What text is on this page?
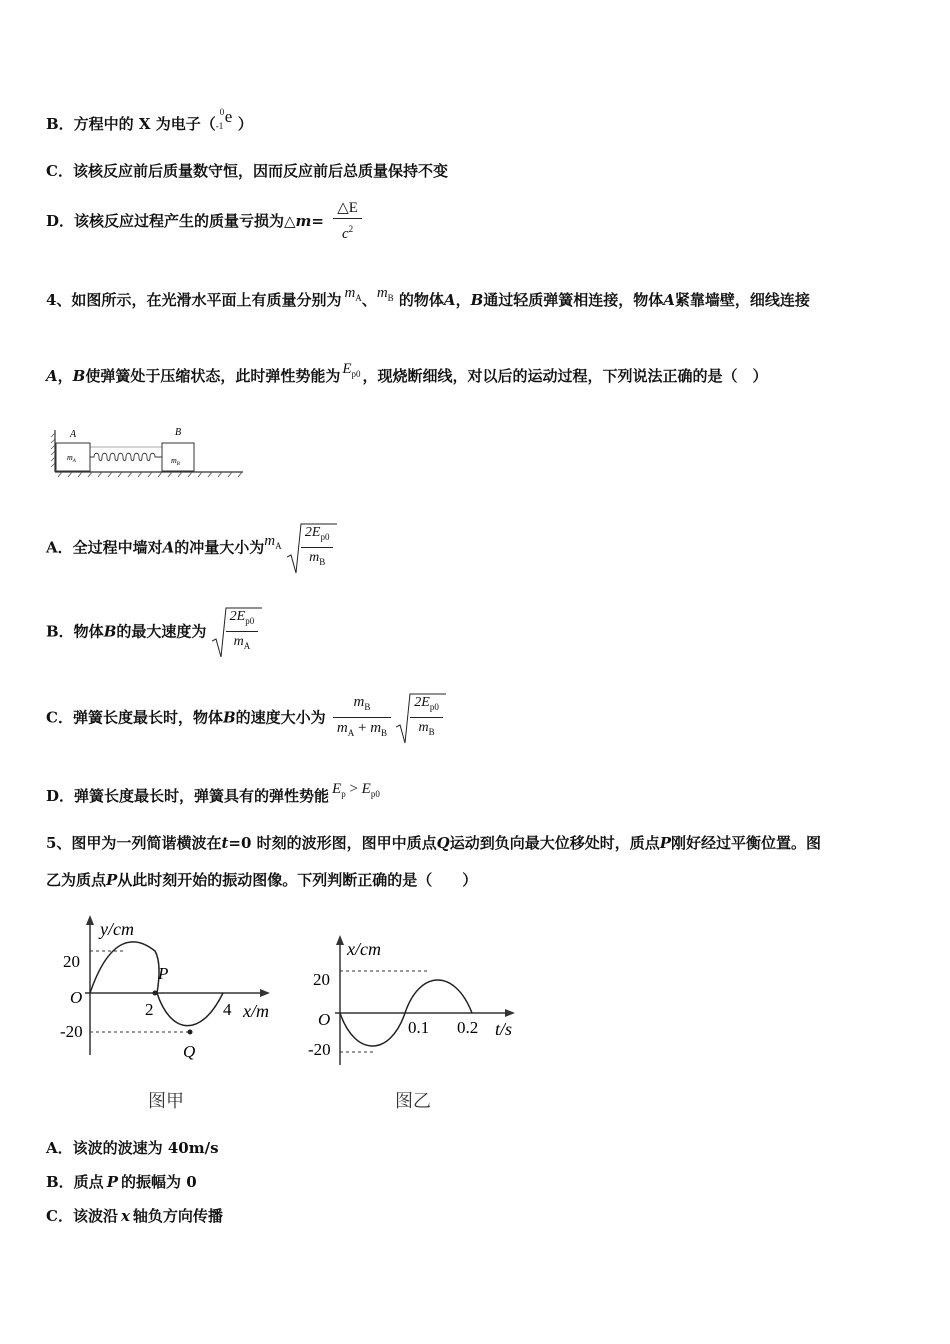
B．方程中的 X 为电子（
0
-1 e ）
C．该核反应前后质量数守恒，因而反应前后总质量保持不变
D．该核反应过程产生的质量亏损为△m= $\frac{\triangle E}{c^2}$
4、如图所示，在光滑水平面上有质量分别为 $m_A$、$m_B$ 的物体A，B通过轻质弹簧相连接，物体A紧靠墙壁，细线连接
A，B使弹簧处于压缩状态，此时弹性势能为 $E_{p0}$ ，现烧断细线，对以后的运动过程，下列说法正确的是（　）
A	B
$m_A$	$m_B$
A．全过程中墙对A的冲量大小为$m_A \frac{2E_{p0}}{m_B}$
B．物体B的最大速度为 $\frac{2E_{p0}}{m_A}$
C．弹簧长度最长时，物体B的速度大小为 $\frac{m_B}{m_A + m_B}$
$\frac{2E_{p0}}{m_B}$
D．弹簧长度最长时，弹簧具有的弹性势能 $E_p > E_{p0}$
5、图甲为一列简谐横波在t=0 时刻的波形图，图甲中质点Q运动到负向最大位移处时，质点P刚好经过平衡位置。图
乙为质点P从此时刻开始的振动图像。下列判断正确的是（　　）
y/cm
20
O
-20
2	4 x/m
P
Q
图甲
x/cm
20
O
-20
0.1 0.2 t/s
图乙
A．该波的波速为 40m/s
B．质点 P 的振幅为 0
C．该波沿 x 轴负方向传播
